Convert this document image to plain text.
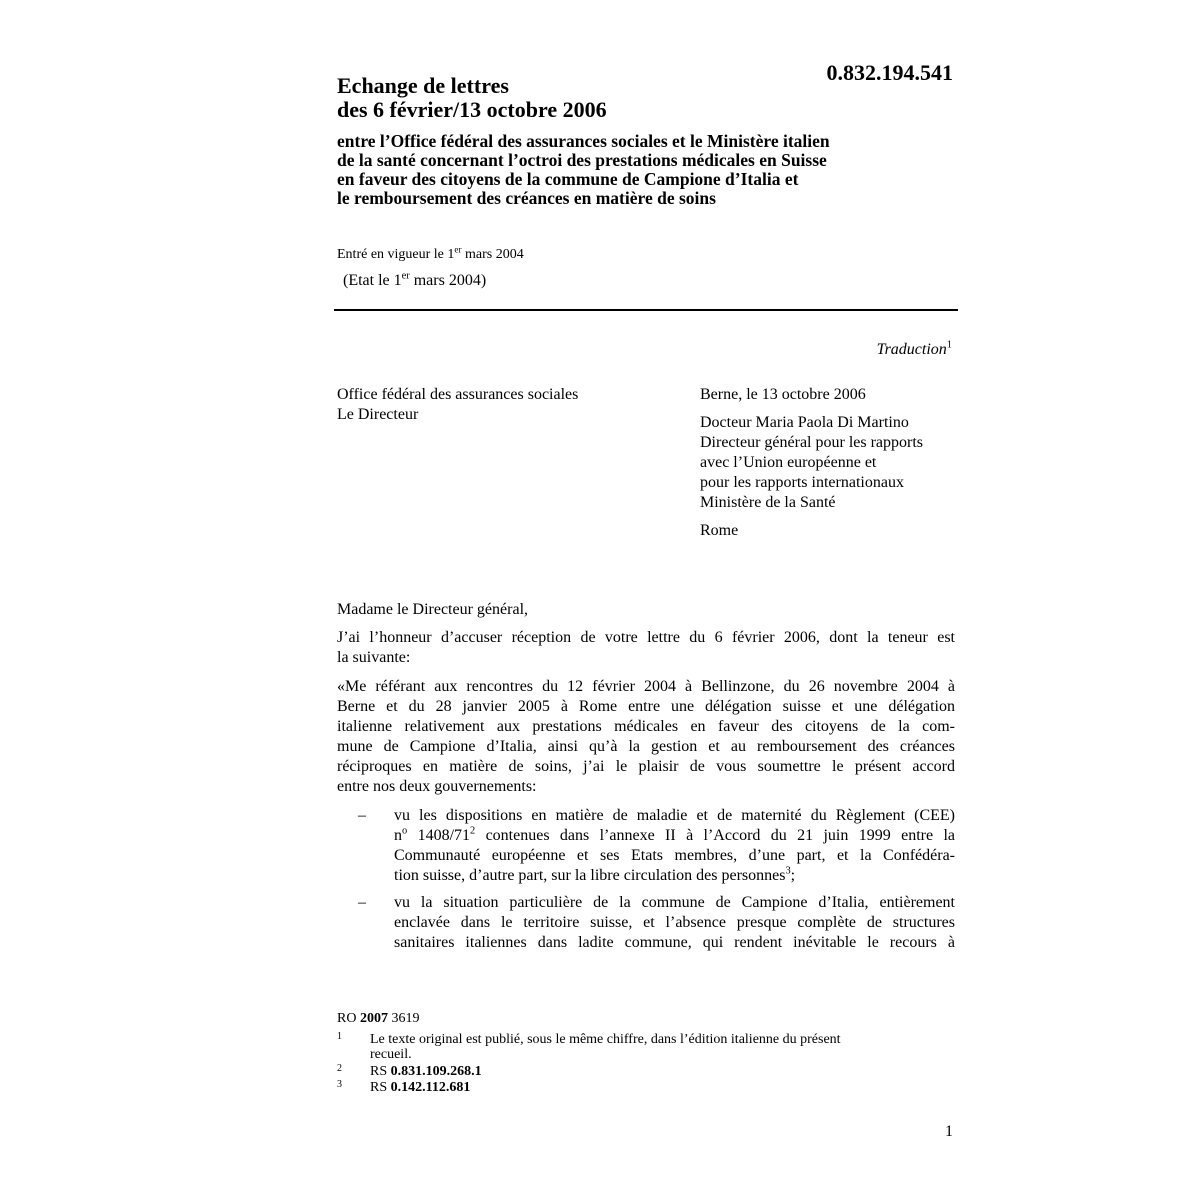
0.832.194.541
Echange de lettres
des 6 février/13 octobre 2006
entre l’Office fédéral des assurances sociales et le Ministère italien
de la santé concernant l’octroi des prestations médicales en Suisse
en faveur des citoyens de la commune de Campione d’Italia et
le remboursement des créances en matière de soins
Entré en vigueur le 1er mars 2004
(Etat le 1er mars 2004)
Traduction$^1$
Office fédéral des assurances sociales
Le Directeur

Berne, le 13 octobre 2006

Docteur Maria Paola Di Martino
Directeur général pour les rapports
avec l’Union européenne et
pour les rapports internationaux
Ministère de la Santé

Rome

Madame le Directeur général,
J’ai l’honneur d’accuser réception de votre lettre du 6 février 2006, dont la teneur est
la suivante:
«Me référant aux rencontres du 12 février 2004 à Bellinzone, du 26 novembre 2004 à
Berne et du 28 janvier 2005 à Rome entre une délégation suisse et une délégation
italienne relativement aux prestations médicales en faveur des citoyens de la com-
mune de Campione d’Italia, ainsi qu’à la gestion et au remboursement des créances
réciproques en matière de soins, j’ai le plaisir de vous soumettre le présent accord
entre nos deux gouvernements:
– vu les dispositions en matière de maladie et de maternité du Règlement (CEE)
$n^o$ $1408/71^2$ contenues dans l’annexe II à l’Accord du 21 juin 1999 entre la
Communauté européenne et ses Etats membres, d’une part, et la Confédéra-
tion suisse, d’autre part, sur la libre circulation des personnes$^3$;
– vu la situation particulière de la commune de Campione d’Italia, entièrement
enclavée dans le territoire suisse, et l’absence presque complète de structures
sanitaires italiennes dans ladite commune, qui rendent inévitable le recours à
RO 2007 3619
1 Le texte original est publié, sous le même chiffre, dans l’édition italienne du présent
recueil.
2 RS 0.831.109.268.1
3 RS 0.142.112.681
1
